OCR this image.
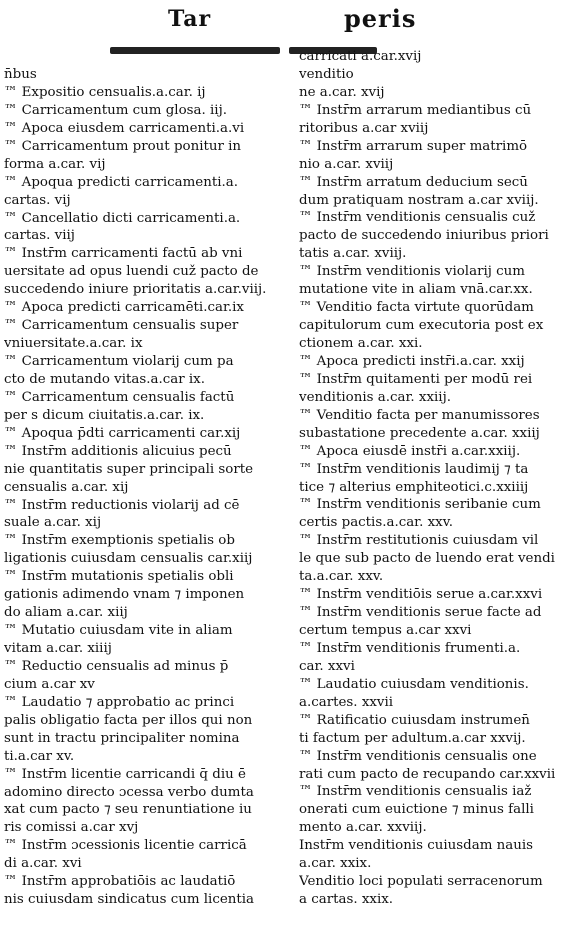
Tar	peris

n̄bus
™ Expositio censualis.a.car. ij
™ Carricamentum cum glosa. iij.
™ Apoca eiusdem carricamenti.a.vi
™ Carricamentum prout ponitur in
forma a.car. vij
™ Apoqua predicti carricamenti.a.
cartas. vij
™ Cancellatio dicti carricamenti.a.
cartas. viij
™ Instr̄m carricamenti factū ab vni
uersitate ad opus luendi cuž pacto de
succedendo iniure prioritatis a.car.viij.
™ Apoca predicti carricamēti.car.ix
™ Carricamentum censualis super
vniuersitate.a.car. ix
™ Carricamentum violarij cum pa
cto de mutando vitas.a.car ix.
™ Carricamentum censualis factū
per s dicum ciuitatis.a.car. ix.
™ Apoqua p̄dti carricamenti car.xij
™ Instr̄m additionis alicuius pecū
nie quantitatis super principali sorte
censualis a.car. xij
™ Instr̄m reductionis violarij ad cē
suale a.car. xij
™ Instr̄m exemptionis spetialis ob
ligationis cuiusdam censualis car.xiij
™ Instr̄m mutationis spetialis obli
gationis adimendo vnam ⁊ imponen
do aliam a.car. xiij
™ Mutatio cuiusdam vite in aliam
vitam a.car. xiiij
™ Reductio censualis ad minus p̄
cium a.car xv
™ Laudatio ⁊ approbatio ac princi
palis obligatio facta per illos qui non
sunt in tractu principaliter nomina
ti.a.car xv.
™ Instr̄m licentie carricandi q̄ diu ē
adomino directo ɔcessa verbo dumta
xat cum pacto ⁊ seu renuntiatione iu
ris comissi a.car xvj
™ Instr̄m ɔcessionis licentie carricā
di a.car. xvi
™ Instr̄m approbatiōis ac laudatiō
nis cuiusdam sindicatus cum licentia
carricati a.car.xvij
venditio
ne a.car. xvij
™ Instr̄m arrarum mediantibus cū
ritoribus a.car xviij
™ Instr̄m arrarum super matrimō
nio a.car. xviij
™ Instr̄m arratum deducium secū
dum pratiquam nostram a.car xviij.
™ Instr̄m venditionis censualis cuž
pacto de succedendo iniuribus priori
tatis a.car. xviij.
™ Instr̄m venditionis violarij cum
mutatione vite in aliam vnā.car.xx.
™ Venditio facta virtute quorūdam
capitulorum cum executoria post ex
ctionem a.car. xxi.
™ Apoca predicti instr̄i.a.car. xxij
™ Instr̄m quitamenti per modū rei
venditionis a.car. xxiij.
™ Venditio facta per manumissores
subastatione precedente a.car. xxiij
™ Apoca eiusdē instr̄i a.car.xxiij.
™ Instr̄m venditionis laudimij ⁊ ta
tice ⁊ alterius emphiteotici.c.xxiiij
™ Instr̄m venditionis seribanie cum
certis pactis.a.car. xxv.
™ Instr̄m restitutionis cuiusdam vil
le que sub pacto de luendo erat vendi
ta.a.car. xxv.
™ Instr̄m venditiōis serue a.car.xxvi
™ Instr̄m venditionis serue facte ad
certum tempus a.car xxvi
™ Instr̄m venditionis frumenti.a.
car. xxvi
™ Laudatio cuiusdam venditionis.
a.cartes. xxvii
™ Ratificatio cuiusdam instrumen̄
ti factum per adultum.a.car xxvij.
™ Instr̄m venditionis censualis one
rati cum pacto de recupando car.xxvii
™ Instr̄m venditionis censualis iaž
onerati cum euictione ⁊ minus falli
mento a.car. xxviij.
Instr̄m venditionis cuiusdam nauis
a.car. xxix.
Venditio loci populati serracenorum
a cartas. xxix.
